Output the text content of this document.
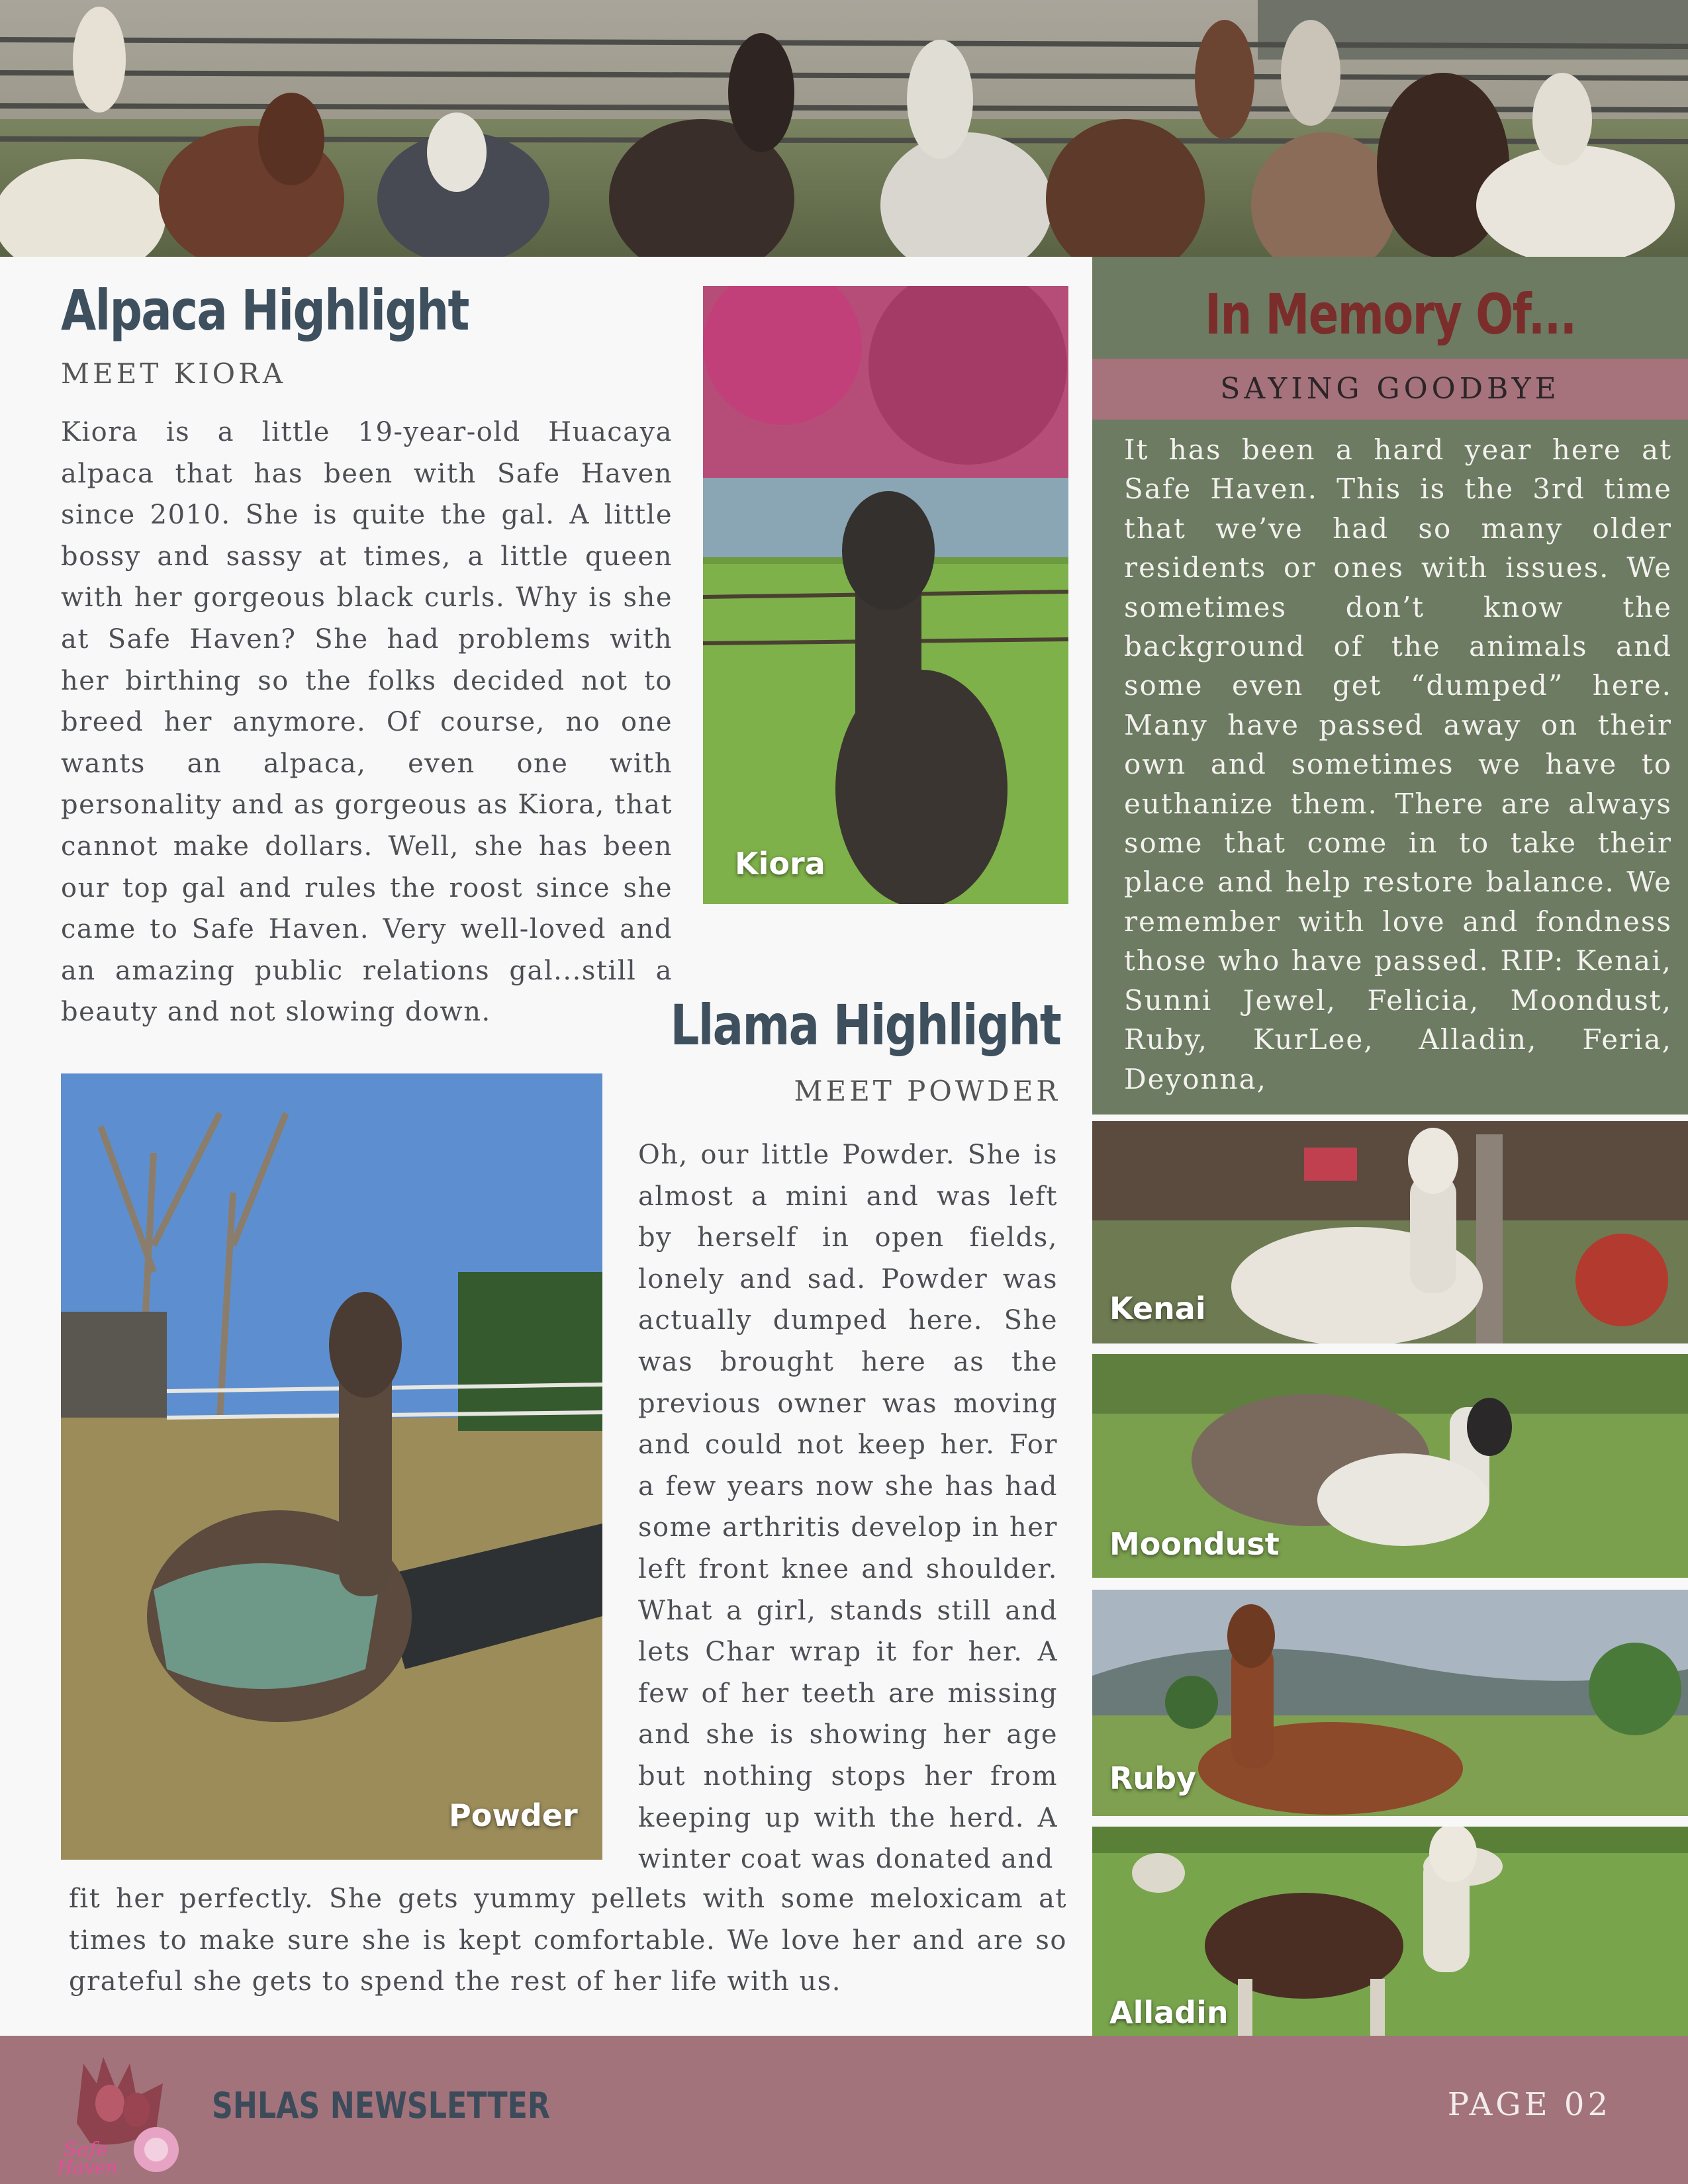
Alpaca Highlight
MEET KIORA

Kiora is a little 19-year-old Huacaya alpaca that has been with Safe Haven since 2010. She is quite the gal. A little bossy and sassy at times, a little queen with her gorgeous black curls. Why is she at Safe Haven? She had problems with her birthing so the folks decided not to breed her anymore. Of course, no one wants an alpaca, even one with personality and as gorgeous as Kiora, that cannot make dollars. Well, she has been our top gal and rules the roost since she came to Safe Haven. Very well-loved and an amazing public relations gal...still a beauty and not slowing down.

Kiora
Llama Highlight
MEET POWDER
Powder

Oh, our little Powder. She is almost a mini and was left by herself in open fields, lonely and sad. Powder was actually dumped here. She was brought here as the previous owner was moving and could not keep her. For a few years now she has had some arthritis develop in her left front knee and shoulder. What a girl, stands still and lets Char wrap it for her. A few of her teeth are missing and she is showing her age but nothing stops her from keeping up with the herd. A winter coat was donated and

fit her perfectly. She gets yummy pellets with some meloxicam at times to make sure she is kept comfortable. We love her and are so grateful she gets to spend the rest of her life with us.

In Memory Of...
SAYING GOODBYE

It has been a hard year here at Safe Haven. This is the 3rd time that we’ve had so many older residents or ones with issues. We sometimes don’t know the background of the animals and some even get “dumped” here. Many have passed away on their own and sometimes we have to euthanize them. There are always some that come in to take their place and help restore balance. We remember with love and fondness those who have passed. RIP: Kenai, Sunni Jewel, Felicia, Moondust, Ruby, KurLee, Alladin, Feria, Deyonna,

Kenai
Moondust
Ruby
Alladin
Safe
Haven
SHLAS NEWSLETTER	PAGE 02
